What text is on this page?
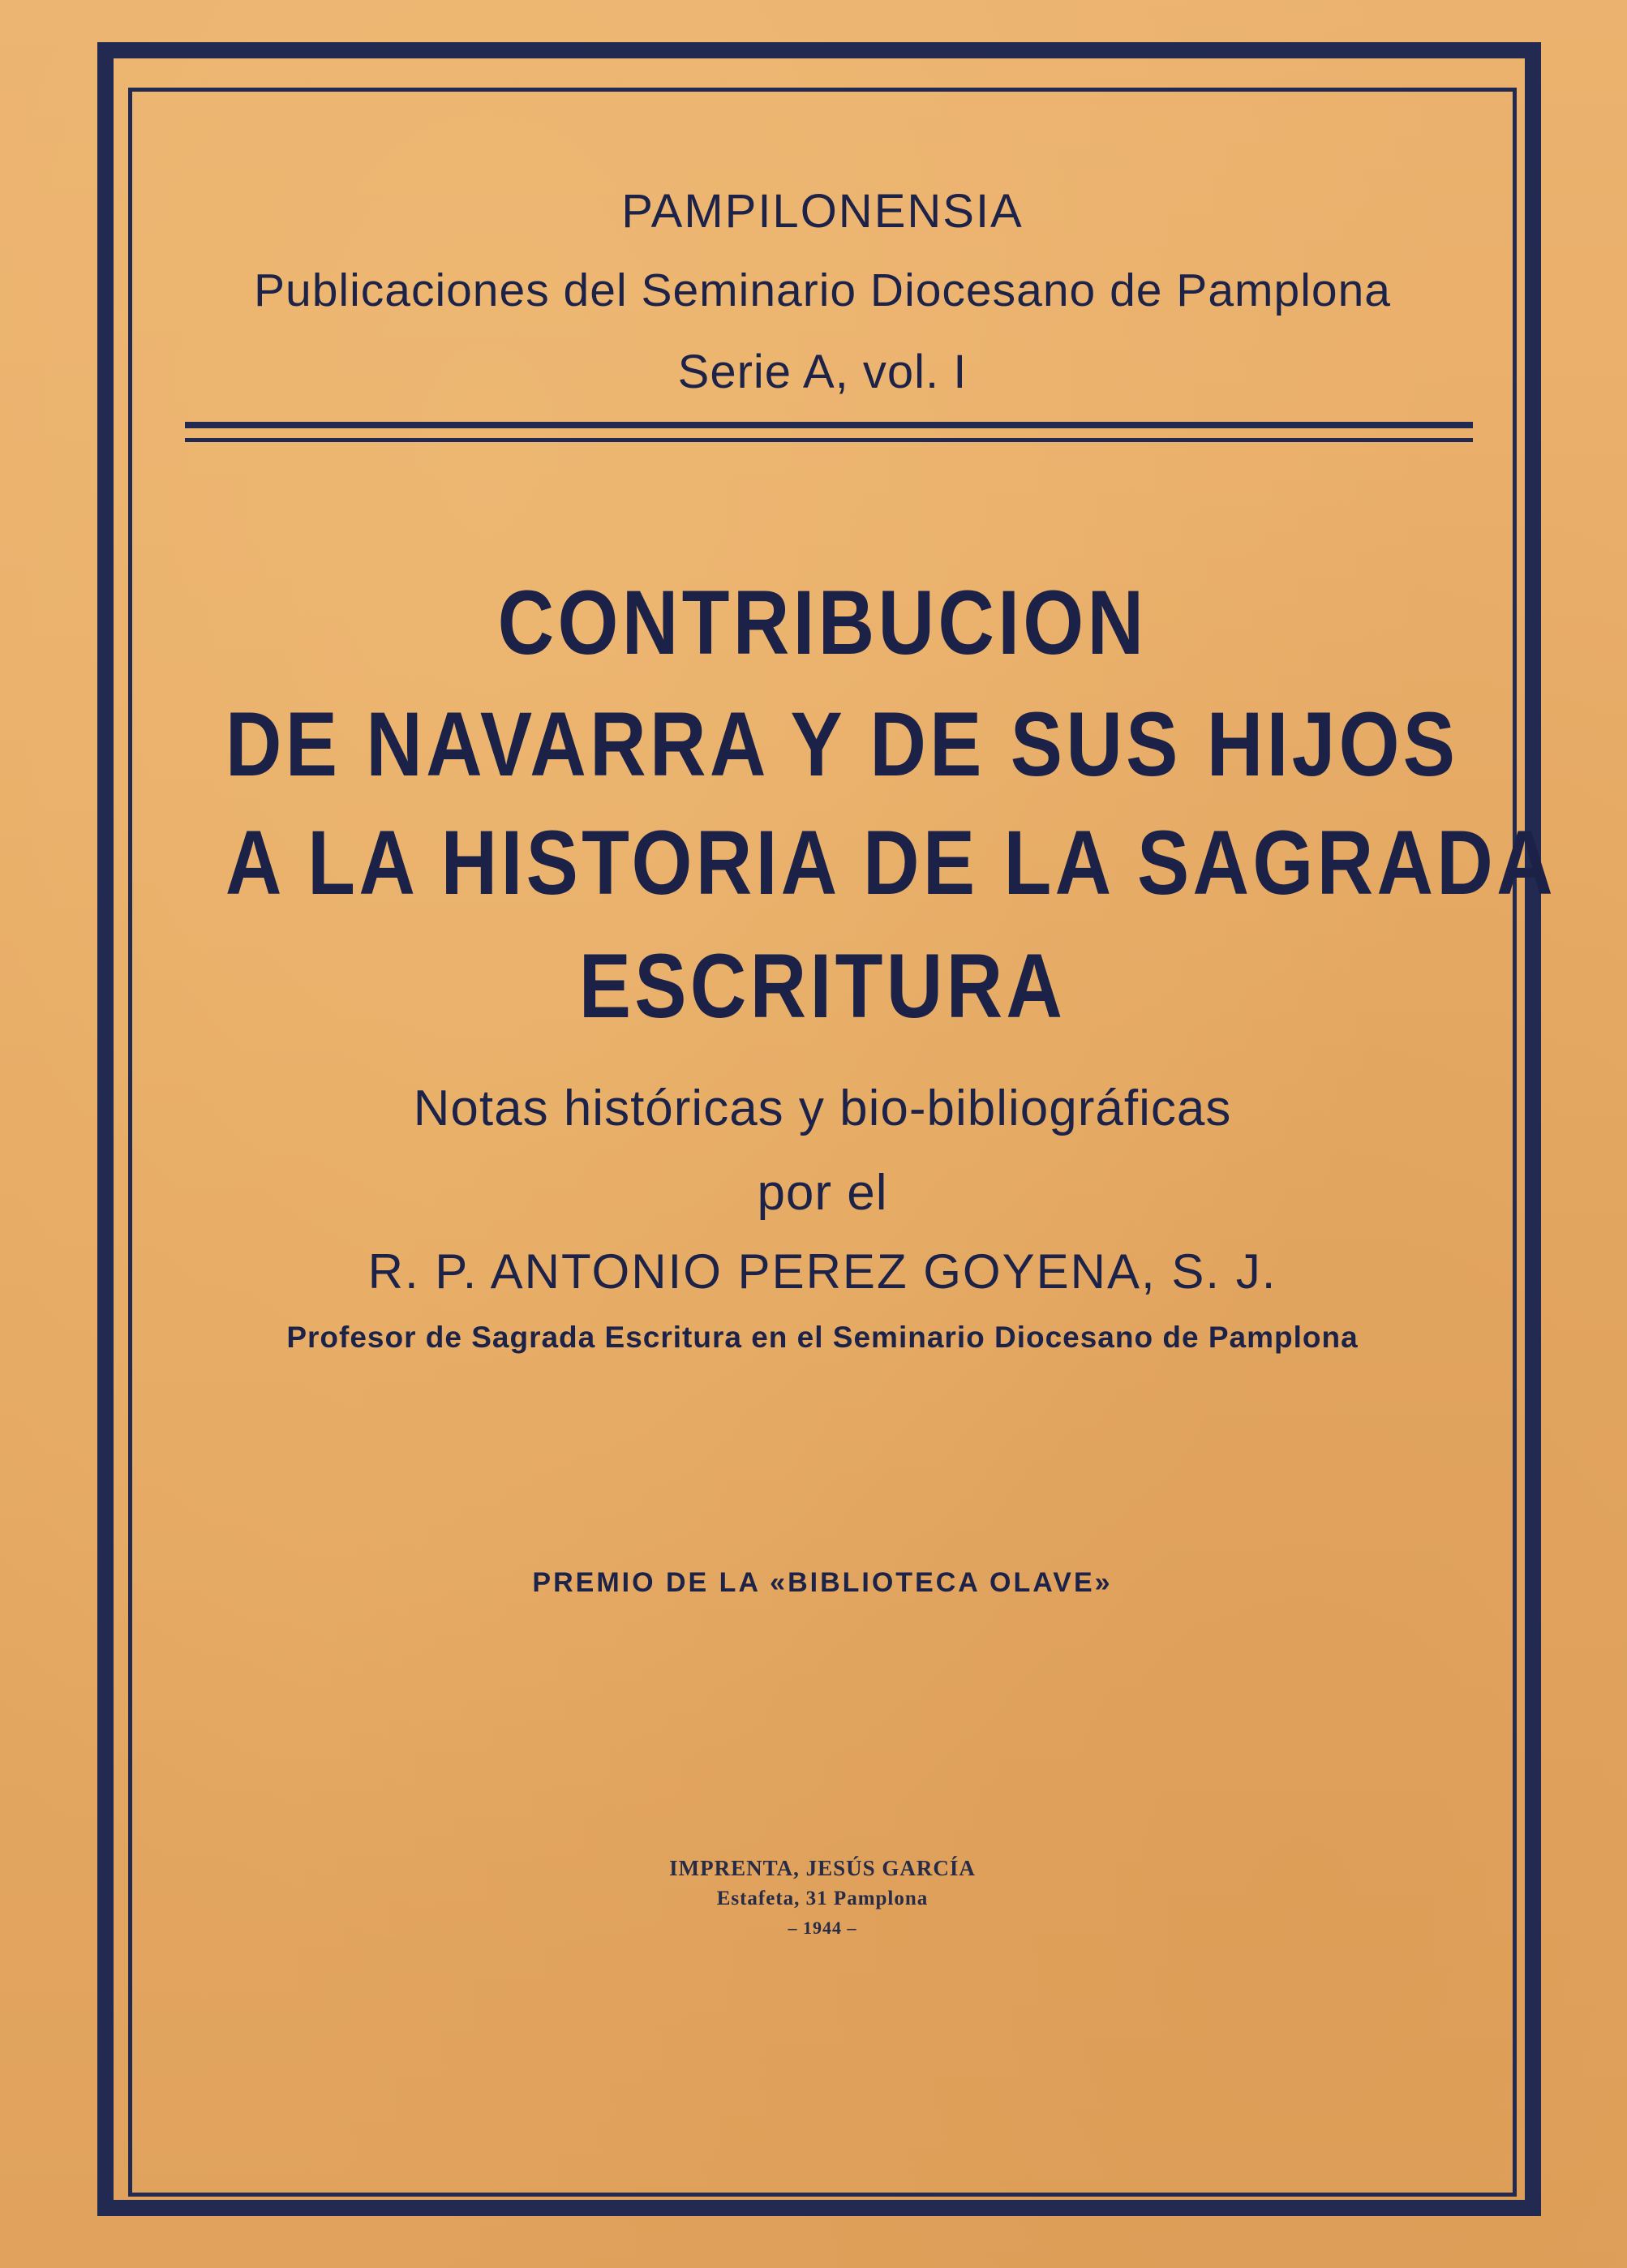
PAMPILONENSIA
Publicaciones del Seminario Diocesano de Pamplona
Serie A, vol. I
CONTRIBUCION
DE NAVARRA Y DE SUS HIJOS
A LA HISTORIA DE LA SAGRADA
ESCRITURA
Notas históricas y bio-bibliográficas
por el
R. P. ANTONIO PEREZ GOYENA, S. J.
Profesor de Sagrada Escritura en el Seminario Diocesano de Pamplona
PREMIO DE LA «BIBLIOTECA OLAVE»
IMPRENTA, JESÚS GARCÍA
Estafeta, 31 Pamplona
– 1944 –
